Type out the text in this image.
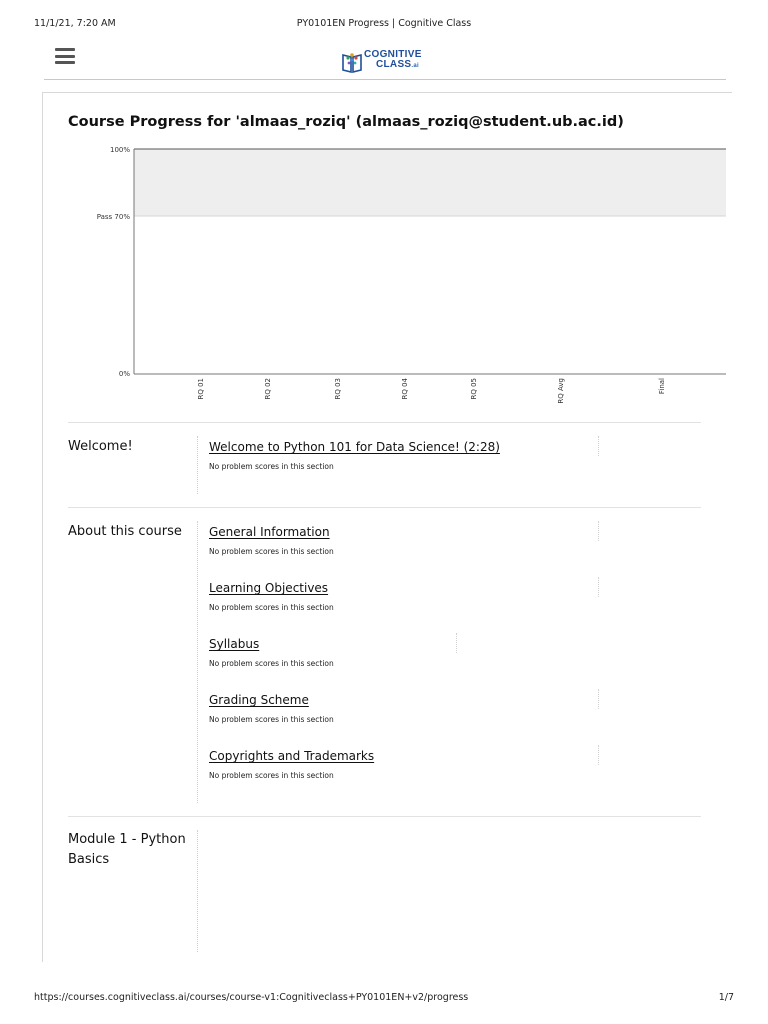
11/1/21, 7:20 AM	PY0101EN Progress | Cognitive Class
COGNITIVE
CLASS.ai
Course Progress for 'almaas_roziq' (almaas_roziq@student.ub.ac.id)
100%
Pass 70%
0%
RQ 01	RQ 02	RQ 03	RQ 04	RQ 05	RQ Avg	Final
Welcome!	Welcome to Python 101 for Data Science! (2:28)
No problem scores in this section
About this course	General Information
No problem scores in this section
Learning Objectives
No problem scores in this section
Syllabus
No problem scores in this section
Grading Scheme
No problem scores in this section
Copyrights and Trademarks
No problem scores in this section
Module 1 - Python Basics
https://courses.cognitiveclass.ai/courses/course-v1:Cognitiveclass+PY0101EN+v2/progress	1/7
